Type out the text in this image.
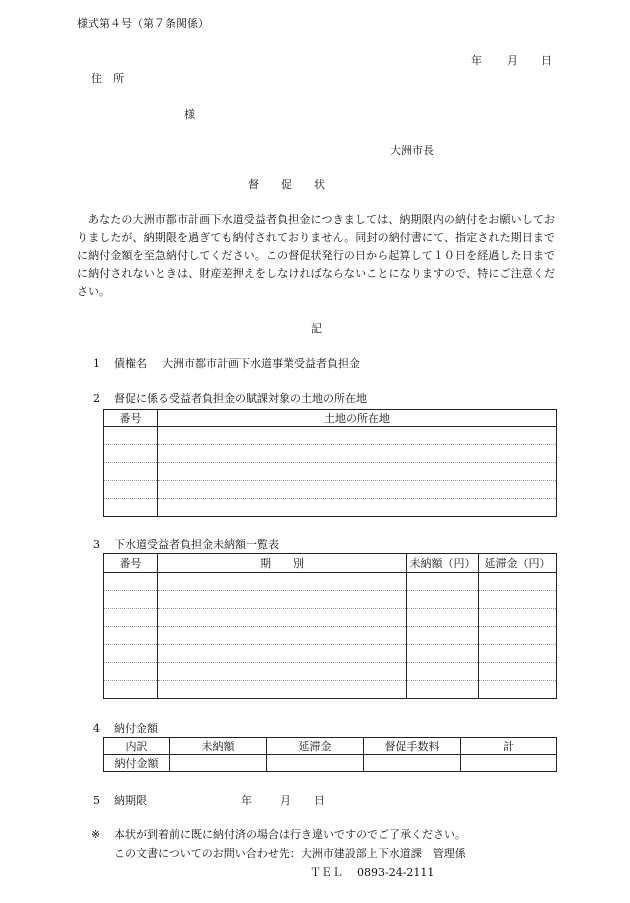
様式第４号（第７条関係）
年 月 日
住　所
様
大洲市長
督　　促　　状
あなたの大洲市都市計画下水道受益者負担金につきましては、納期限内の納付をお願いしておりましたが、納期限を過ぎても納付されておりません。同封の納付書にて、指定された期日までに納付金額を至急納付してください。この督促状発行の日から起算して１０日を経過した日までに納付されないときは、財産差押えをしなければならないことになりますので、特にご注意ください。
記
1 債権名 大洲市都市計画下水道事業受益者負担金
2 督促に係る受益者負担金の賦課対象の土地の所在地
番号	土地の所在地

3 下水道受益者負担金未納額一覧表
番号	期　　別	未納額（円）	延滞金（円）

4 納付金額
内訳	未納額	延滞金	督促手数料	計
納付金額				
5 納期限	年	月 日
※ 本状が到着前に既に納付済の場合は行き違いですのでご了承ください。
この文書についてのお問い合わせ先：大洲市建設部上下水道課　管理係
ＴＥＬ 0893-24-2111
